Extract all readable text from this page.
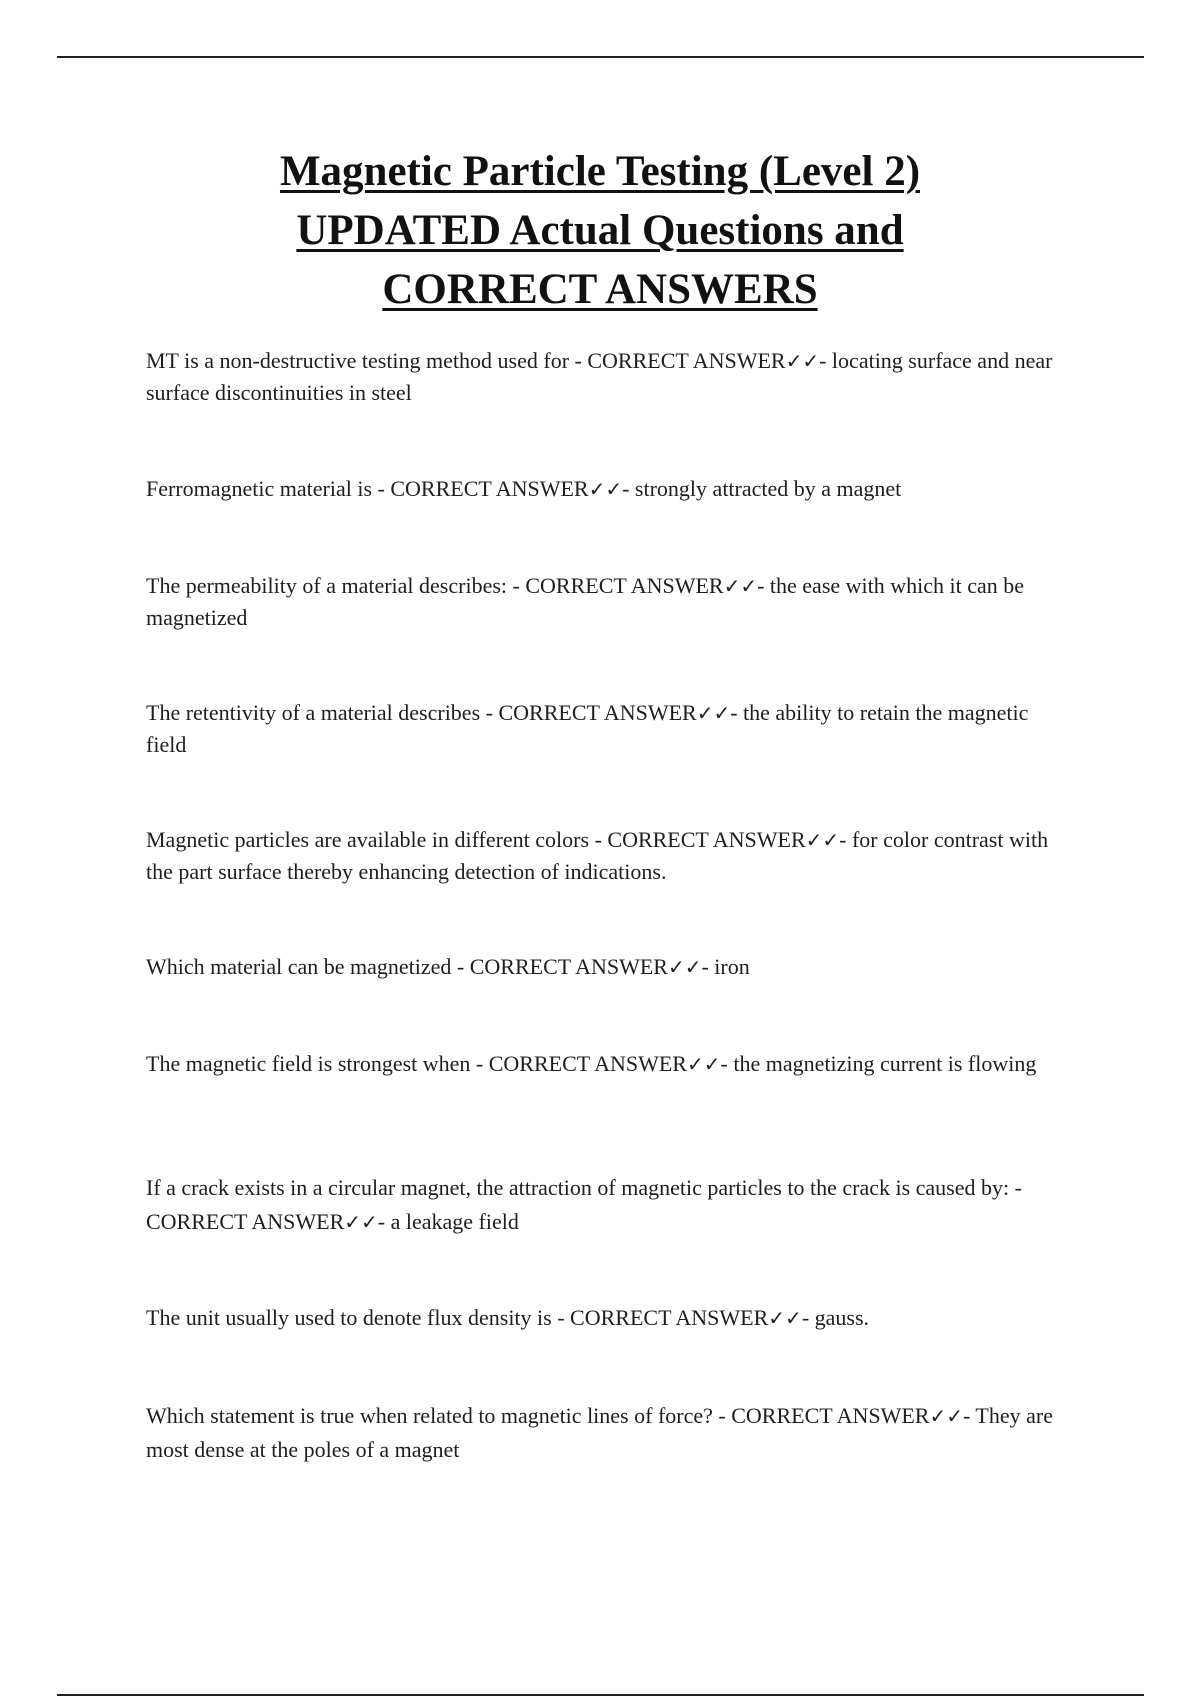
Magnetic Particle Testing (Level 2)
UPDATED Actual Questions and
CORRECT ANSWERS

MT is a non-destructive testing method used for - CORRECT ANSWER✓✓- locating surface and near surface discontinuities in steel

Ferromagnetic material is - CORRECT ANSWER✓✓- strongly attracted by a magnet

The permeability of a material describes: - CORRECT ANSWER✓✓- the ease with which it can be magnetized

The retentivity of a material describes - CORRECT ANSWER✓✓- the ability to retain the magnetic field

Magnetic particles are available in different colors - CORRECT ANSWER✓✓- for color contrast with the part surface thereby enhancing detection of indications.

Which material can be magnetized - CORRECT ANSWER✓✓- iron

The magnetic field is strongest when - CORRECT ANSWER✓✓- the magnetizing current is flowing

If a crack exists in a circular magnet, the attraction of magnetic particles to the crack is caused by: - CORRECT ANSWER✓✓- a leakage field

The unit usually used to denote flux density is - CORRECT ANSWER✓✓- gauss.

Which statement is true when related to magnetic lines of force? - CORRECT ANSWER✓✓- They are most dense at the poles of a magnet
